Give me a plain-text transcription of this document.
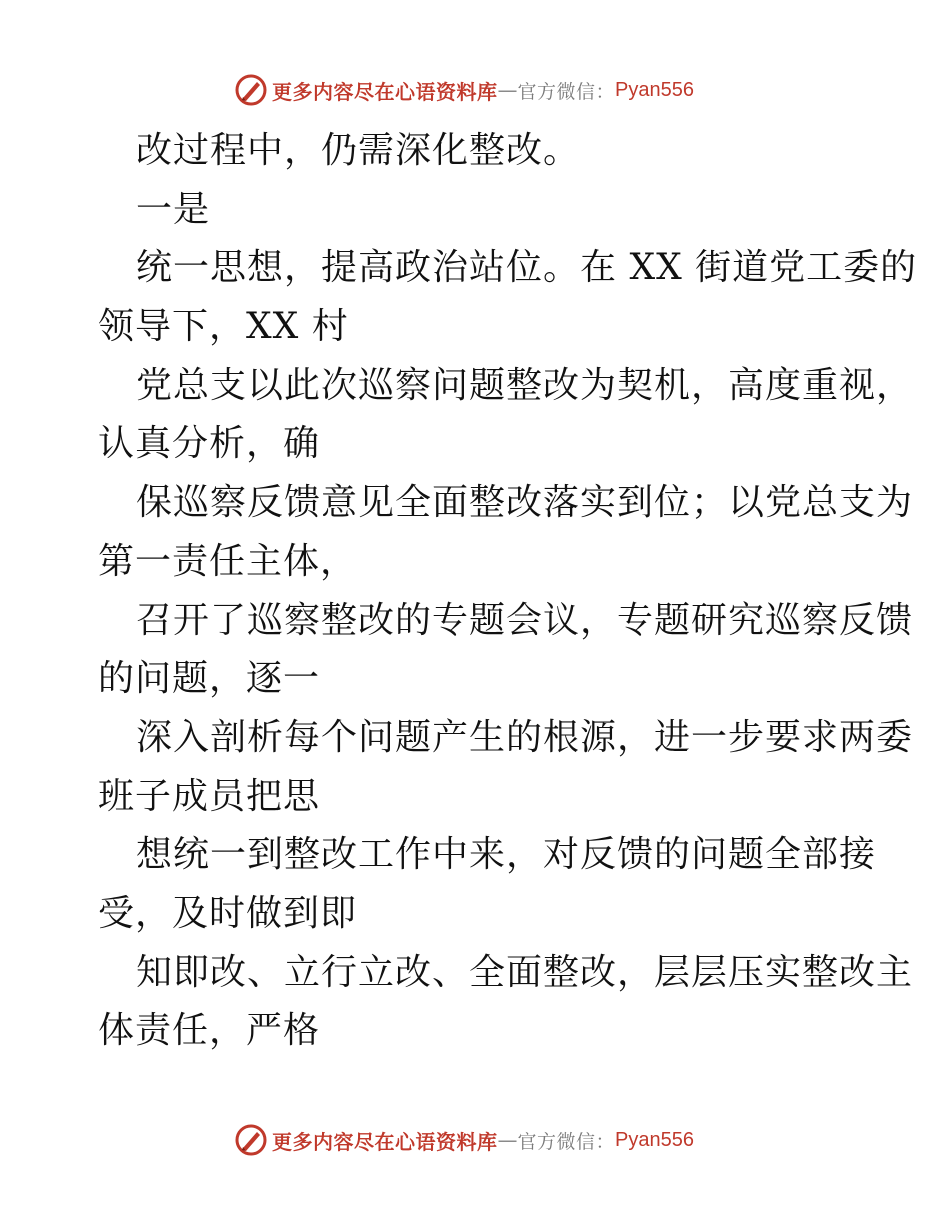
更多内容尽在心语资料库 — 官方微信： Pyan556
改过程中，仍需深化整改。
一是
统一思想，提高政治站位。在 XX 街道党工委的
领导下，XX 村
党总支以此次巡察问题整改为契机，高度重视，
认真分析，确
保巡察反馈意见全面整改落实到位；以党总支为
第一责任主体，
召开了巡察整改的专题会议，专题研究巡察反馈
的问题，逐一
深入剖析每个问题产生的根源，进一步要求两委
班子成员把思
想统一到整改工作中来，对反馈的问题全部接
受，及时做到即
知即改、立行立改、全面整改，层层压实整改主
体责任，严格
更多内容尽在心语资料库 — 官方微信： Pyan556
